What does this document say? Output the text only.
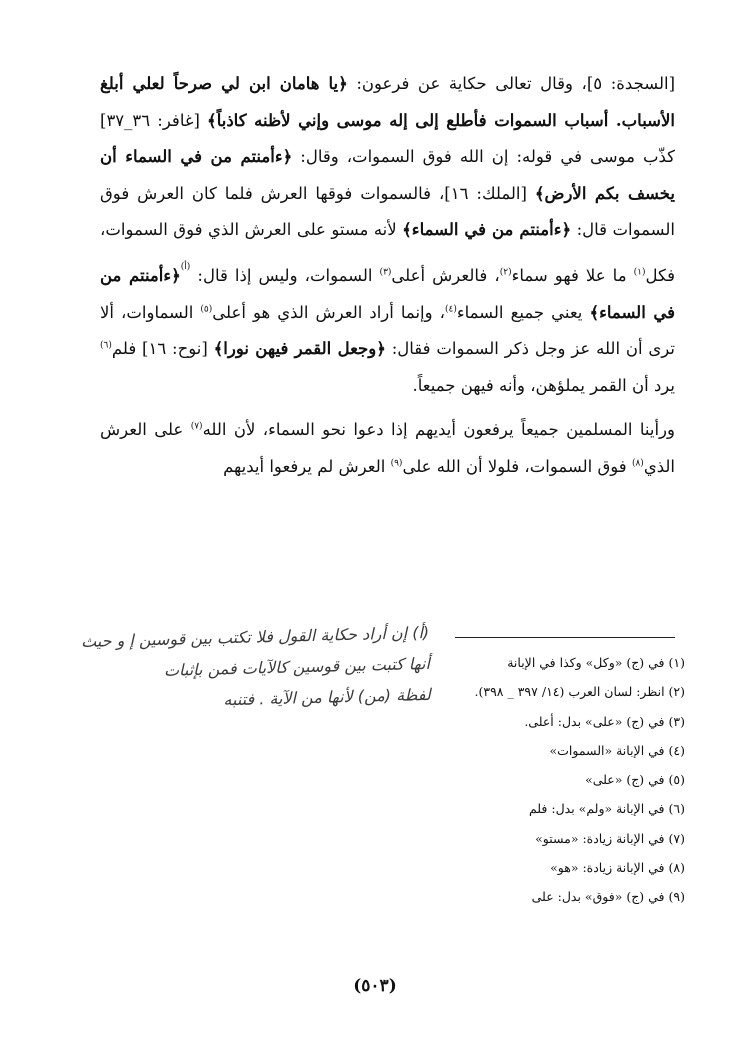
[السجدة: ٥]، وقال تعالى حكاية عن فرعون: ﴿يا هامان ابن لي صرحاً لعلي أبلغ الأسباب. أسباب السموات فأطلع إلى إله موسى وإني لأظنه كاذباً﴾ [غافر: ٣٦_٣٧] كذّب موسى في قوله: إن الله فوق السموات، وقال: ﴿ءأمنتم من في السماء أن يخسف بكم الأرض﴾ [الملك: ١٦]، فالسموات فوقها العرش فلما كان العرش فوق السموات قال: ﴿ءأمنتم من في السماء﴾ لأنه مستو على العرش الذي فوق السموات، فكل$^{(١)}$ ما علا فهو سماء$^{(٢)}$، فالعرش أعلى$^{(٣)}$ السموات، وليس إذا قال: $^{(أ)}$﴿ءأمنتم من في السماء﴾ يعني جميع السماء$^{(٤)}$، وإنما أراد العرش الذي هو أعلى$^{(٥)}$ السماوات، ألا ترى أن الله عز وجل ذكر السموات فقال: ﴿وجعل القمر فيهن نورا﴾ [نوح: ١٦] فلم$^{(٦)}$ يرد أن القمر يملؤهن، وأنه فيهن جميعاً.

ورأينا المسلمين جميعاً يرفعون أيديهم إذا دعوا نحو السماء، لأن الله$^{(٧)}$ على العرش الذي$^{(٨)}$ فوق السموات، فلولا أن الله على$^{(٩)}$ العرش لم يرفعوا أيديهم

(١) في (ج) «وكل» وكذا في الإبانة
(٢) انظر: لسان العرب (١٤/ ٣٩٧ _ ٣٩٨).
(٣) في (ج) «على» بدل: أعلى.
(٤) في الإبانة «السموات»
(٥) في (ج) «على»
(٦) في الإبانة «ولم» بدل: فلم
(٧) في الإبانة زيادة: «مستو»
(٨) في الإبانة زيادة: «هو»
(٩) في (ج) «فوق» بدل: على
(أ) إن أراد حكاية القول فلا تكتب بين قوسين إ و حيث
أنها كتبت بين قوسين كالآيات فمن بإثبات
لفظة (من) لأنها من الآية . فتنبه
(٥٠٣)
